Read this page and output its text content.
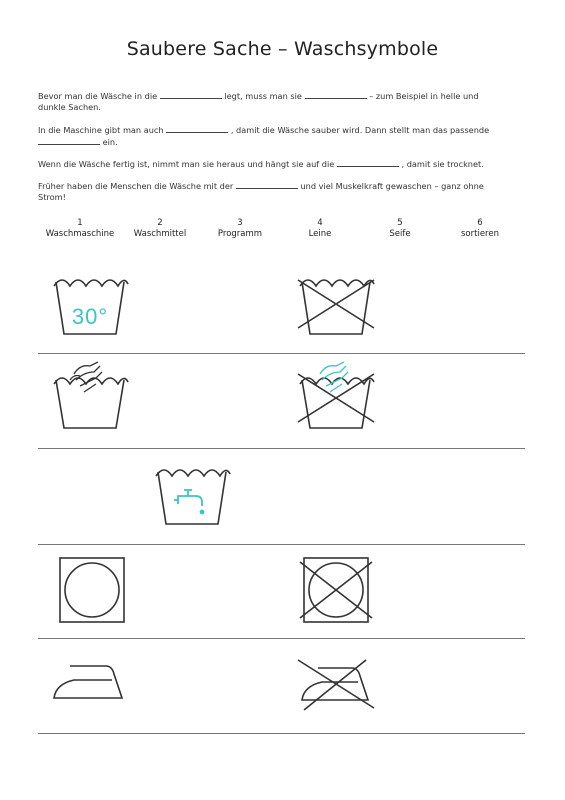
Saubere Sache – Waschsymbole
Bevor man die Wäsche in die	legt, muss man sie	– zum Beispiel in helle und dunkle Sachen.
In die Maschine gibt man auch	, damit die Wäsche sauber wird. Dann stellt man das passende  ein.
Wenn die Wäsche fertig ist, nimmt man sie heraus und hängt sie auf die	, damit sie trocknet.
Früher haben die Menschen die Wäsche mit der	und viel Muskelkraft gewaschen – ganz ohne Strom!
1
Waschmaschine
2
Waschmittel
3
Programm
4
Leine
5
Seife
6
sortieren
30°
